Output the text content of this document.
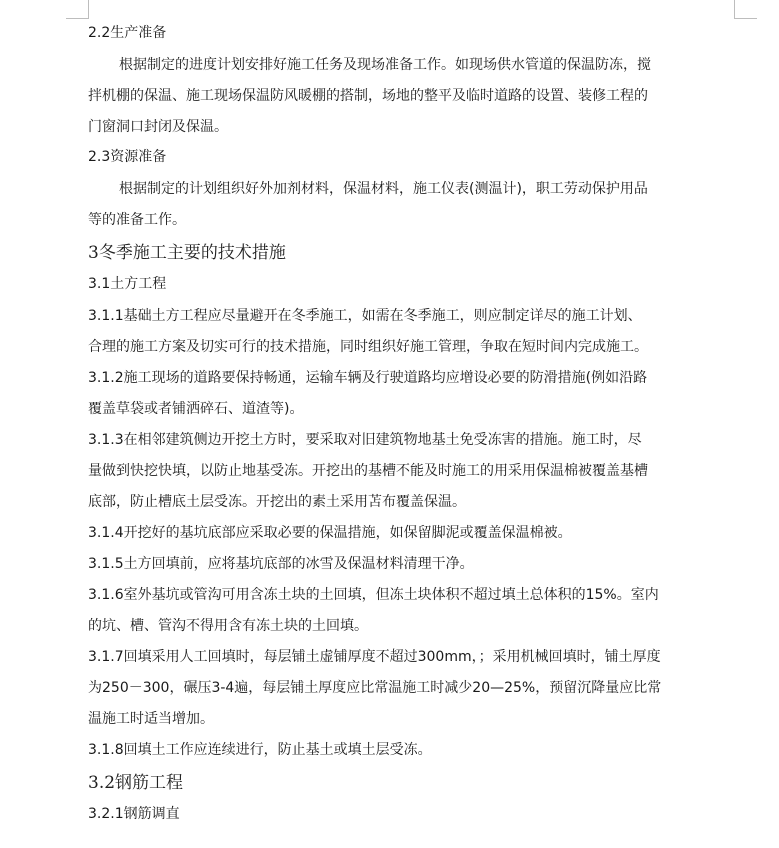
2.2生产准备
根据制定的进度计划安排好施工任务及现场准备工作。如现场供水管道的保温防冻，搅
拌机棚的保温、施工现场保温防风暖棚的搭制，场地的整平及临时道路的设置、装修工程的
门窗洞口封闭及保温。
2.3资源准备
根据制定的计划组织好外加剂材料，保温材料，施工仪表(测温计)，职工劳动保护用品
等的准备工作。
3冬季施工主要的技术措施
3.1土方工程
3.1.1基础土方工程应尽量避开在冬季施工，如需在冬季施工，则应制定详尽的施工计划、
合理的施工方案及切实可行的技术措施，同时组织好施工管理，争取在短时间内完成施工。
3.1.2施工现场的道路要保持畅通，运输车辆及行驶道路均应增设必要的防滑措施(例如沿路
覆盖草袋或者铺洒碎石、道渣等)。
3.1.3在相邻建筑侧边开挖土方时，要采取对旧建筑物地基土免受冻害的措施。施工时，尽
量做到快挖快填，以防止地基受冻。开挖出的基槽不能及时施工的用采用保温棉被覆盖基槽
底部，防止槽底土层受冻。开挖出的素土采用苫布覆盖保温。
3.1.4开挖好的基坑底部应采取必要的保温措施，如保留脚泥或覆盖保温棉被。
3.1.5土方回填前，应将基坑底部的冰雪及保温材料清理干净。
3.1.6室外基坑或管沟可用含冻土块的土回填，但冻土块体积不超过填土总体积的15%。室内
的坑、槽、管沟不得用含有冻土块的土回填。
3.1.7回填采用人工回填时，每层铺土虚铺厚度不超过300mm，；采用机械回填时，铺土厚度
为250－300，碾压3-4遍，每层铺土厚度应比常温施工时减少20—25%，预留沉降量应比常
温施工时适当增加。
3.1.8回填土工作应连续进行，防止基土或填土层受冻。
3.2钢筋工程
3.2.1钢筋调直
